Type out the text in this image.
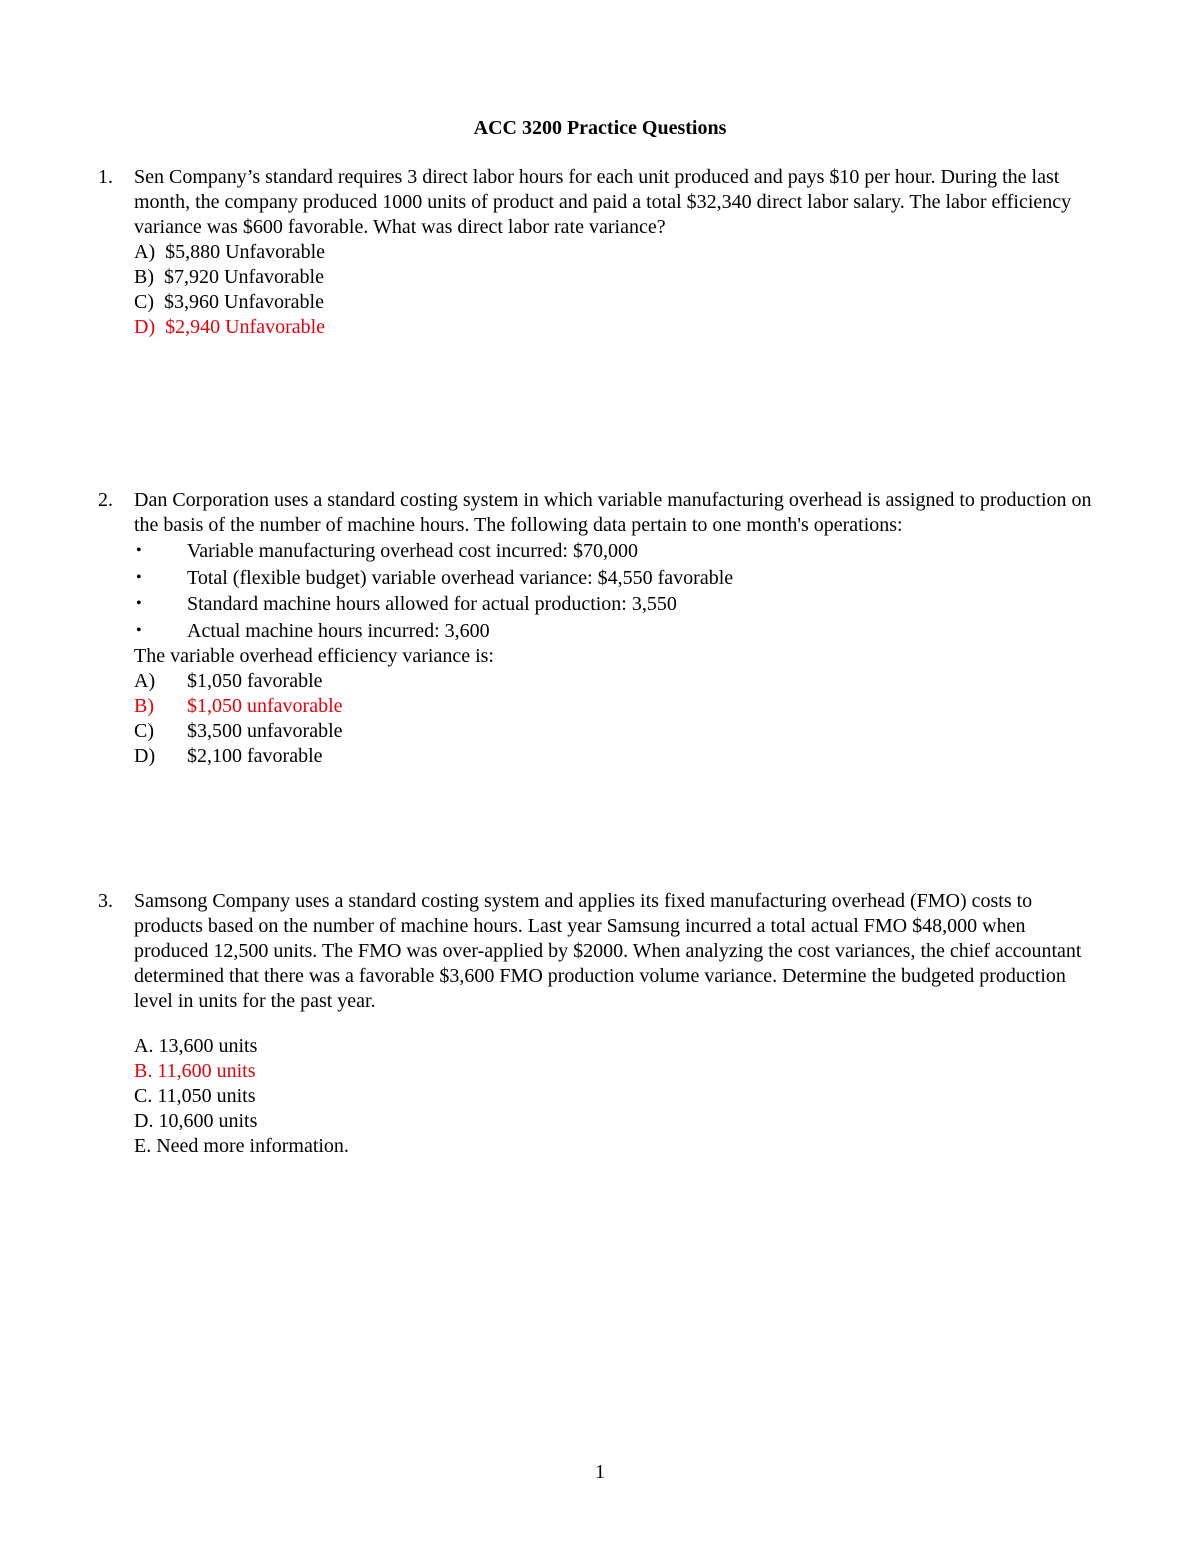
ACC 3200 Practice Questions
1. Sen Company’s standard requires 3 direct labor hours for each unit produced and pays $10 per hour. During the last month, the company produced 1000 units of product and paid a total $32,340 direct labor salary. The labor efficiency variance was $600 favorable. What was direct labor rate variance?

A) $5,880 Unfavorable
B) $7,920 Unfavorable
C) $3,960 Unfavorable
D) $2,940 Unfavorable
2. Dan Corporation uses a standard costing system in which variable manufacturing overhead is assigned to production on the basis of the number of machine hours. The following data pertain to one month's operations:

• Variable manufacturing overhead cost incurred: $70,000
• Total (flexible budget) variable overhead variance: $4,550 favorable
• Standard machine hours allowed for actual production: 3,550
• Actual machine hours incurred: 3,600
The variable overhead efficiency variance is:
A) $1,050 favorable
B) $1,050 unfavorable
C) $3,500 unfavorable
D) $2,100 favorable
3. Samsong Company uses a standard costing system and applies its fixed manufacturing overhead (FMO) costs to products based on the number of machine hours. Last year Samsung incurred a total actual FMO $48,000 when produced 12,500 units. The FMO was over-applied by $2000. When analyzing the cost variances, the chief accountant determined that there was a favorable $3,600 FMO production volume variance. Determine the budgeted production level in units for the past year.

A. 13,600 units
B. 11,600 units
C. 11,050 units
D. 10,600 units
E. Need more information.
1
